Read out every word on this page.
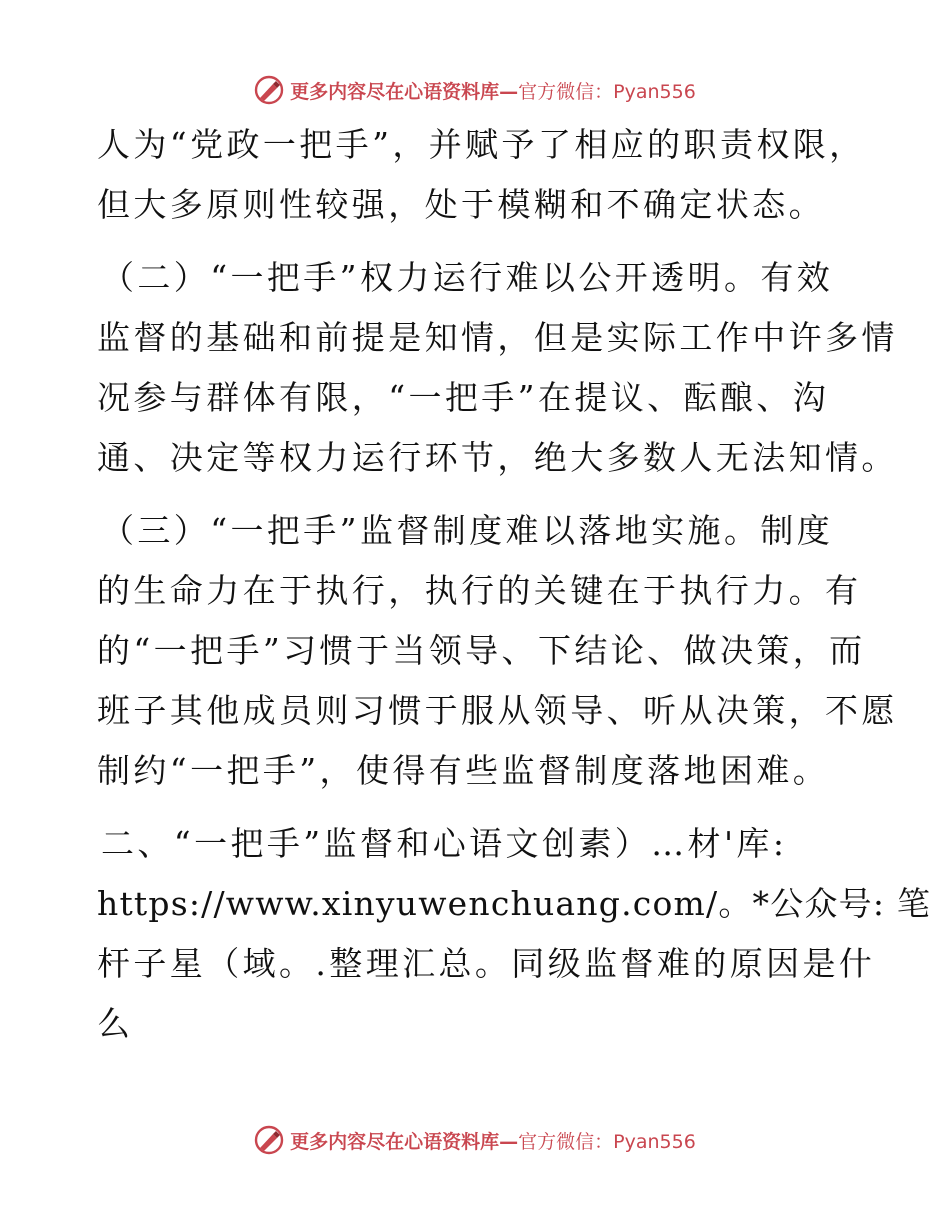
更多内容尽在心语资料库—官方微信：Pyan556
人为“党政一把手”，并赋予了相应的职责权限，
但大多原则性较强，处于模糊和不确定状态。
（二）“一把手”权力运行难以公开透明。有效
监督的基础和前提是知情，但是实际工作中许多情
况参与群体有限，“一把手”在提议、酝酿、沟
通、决定等权力运行环节，绝大多数人无法知情。
（三）“一把手”监督制度难以落地实施。制度
的生命力在于执行，执行的关键在于执行力。有
的“一把手”习惯于当领导、下结论、做决策，而
班子其他成员则习惯于服从领导、听从决策，不愿
制约“一把手”，使得有些监督制度落地困难。
二、“一把手”监督和心语文创素）…材'库:
https://www.xinyuwenchuang.com/。*公众号: 笔
杆子星（域。.整理汇总。同级监督难的原因是什
么
更多内容尽在心语资料库—官方微信：Pyan556
